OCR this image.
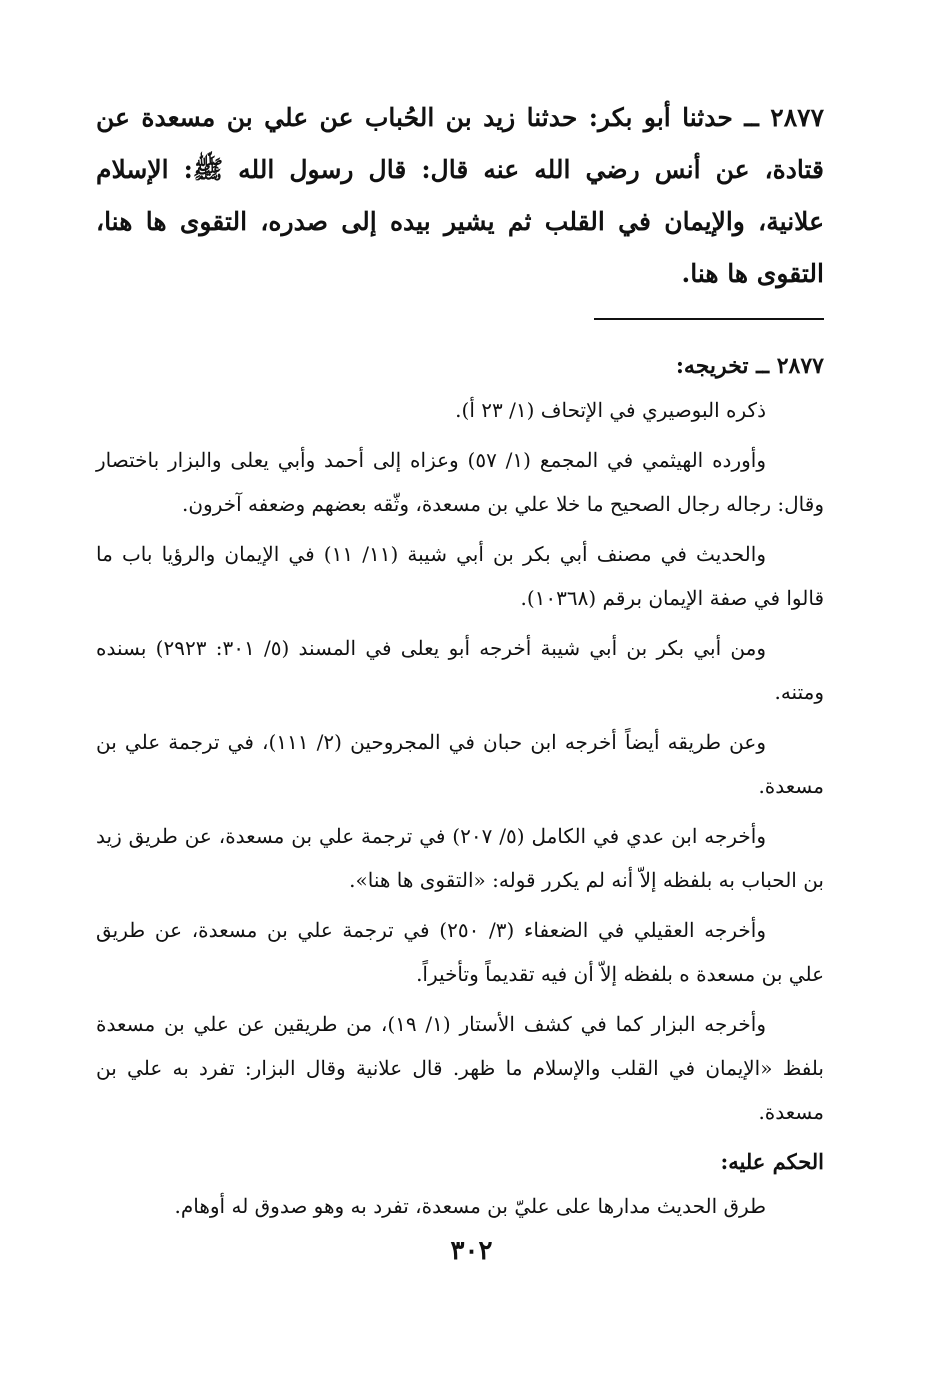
٢٨٧٧ ــ حدثنا أبو بكر: حدثنا زيد بن الحُباب عن علي بن مسعدة عن قتادة، عن أنس رضي الله عنه قال: قال رسول الله ﷺ: الإسلام علانية، والإيمان في القلب ثم يشير بيده إلى صدره، التقوى ها هنا، التقوى ها هنا.

٢٨٧٧ ــ تخريجه:

ذكره البوصيري في الإتحاف (١/ ٢٣ أ).

وأورده الهيثمي في المجمع (١/ ٥٧) وعزاه إلى أحمد وأبي يعلى والبزار باختصار وقال: رجاله رجال الصحيح ما خلا علي بن مسعدة، وثّقه بعضهم وضعفه آخرون.

والحديث في مصنف أبي بكر بن أبي شيبة (١١/ ١١) في الإيمان والرؤيا باب ما قالوا في صفة الإيمان برقم (١٠٣٦٨).

ومن أبي بكر بن أبي شيبة أخرجه أبو يعلى في المسند (٥/ ٣٠١: ٢٩٢٣) بسنده ومتنه.

وعن طريقه أيضاً أخرجه ابن حبان في المجروحين (٢/ ١١١)، في ترجمة علي بن مسعدة.

وأخرجه ابن عدي في الكامل (٥/ ٢٠٧) في ترجمة علي بن مسعدة، عن طريق زيد بن الحباب به بلفظه إلاّ أنه لم يكرر قوله: «التقوى ها هنا».

وأخرجه العقيلي في الضعفاء (٣/ ٢٥٠) في ترجمة علي بن مسعدة، عن طريق علي بن مسعدة ه بلفظه إلاّ أن فيه تقديماً وتأخيراً.

وأخرجه البزار كما في كشف الأستار (١/ ١٩)، من طريقين عن علي بن مسعدة بلفظ «الإيمان في القلب والإسلام ما ظهر. قال علانية وقال البزار: تفرد به علي بن مسعدة.

الحكم عليه:

طرق الحديث مدارها على عليّ بن مسعدة، تفرد به وهو صدوق له أوهام.

٣٠٢
